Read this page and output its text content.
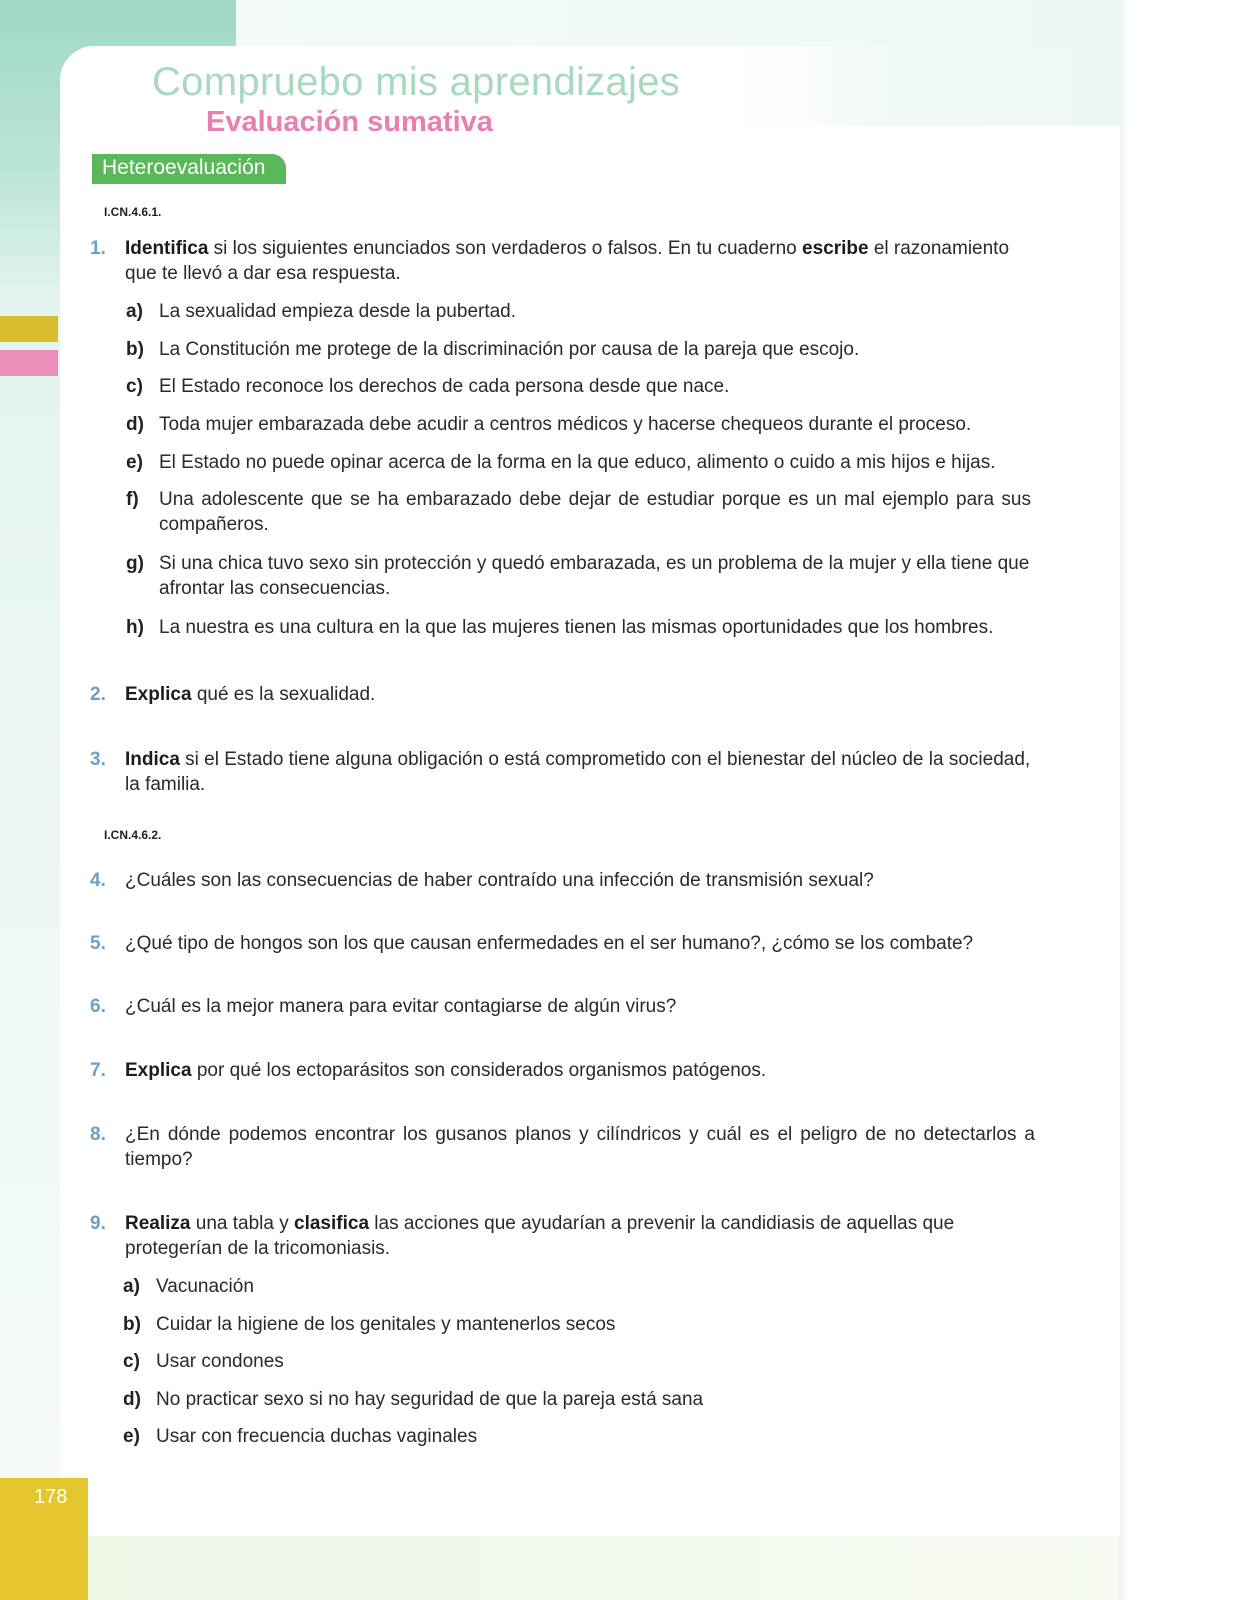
Compruebo mis aprendizajes
Evaluación sumativa
Heteroevaluación
I.CN.4.6.1.
1. Identifica si los siguientes enunciados son verdaderos o falsos. En tu cuaderno escribe el razonamiento que te llevó a dar esa respuesta.
a) La sexualidad empieza desde la pubertad.
b) La Constitución me protege de la discriminación por causa de la pareja que escojo.
c) El Estado reconoce los derechos de cada persona desde que nace.
d) Toda mujer embarazada debe acudir a centros médicos y hacerse chequeos durante el proceso.
e) El Estado no puede opinar acerca de la forma en la que educo, alimento o cuido a mis hijos e hijas.
f) Una adolescente que se ha embarazado debe dejar de estudiar porque es un mal ejemplo para sus compañeros.
g) Si una chica tuvo sexo sin protección y quedó embarazada, es un problema de la mujer y ella tiene que afrontar las consecuencias.
h) La nuestra es una cultura en la que las mujeres tienen las mismas oportunidades que los hombres.
2. Explica qué es la sexualidad.
3. Indica si el Estado tiene alguna obligación o está comprometido con el bienestar del núcleo de la sociedad, la familia.
I.CN.4.6.2.
4. ¿Cuáles son las consecuencias de haber contraído una infección de transmisión sexual?
5. ¿Qué tipo de hongos son los que causan enfermedades en el ser humano?, ¿cómo se los combate?
6. ¿Cuál es la mejor manera para evitar contagiarse de algún virus?
7. Explica por qué los ectoparásitos son considerados organismos patógenos.
8. ¿En dónde podemos encontrar los gusanos planos y cilíndricos y cuál es el peligro de no detectarlos a tiempo?
9. Realiza una tabla y clasifica las acciones que ayudarían a prevenir la candidiasis de aquellas que protegerían de la tricomoniasis.
a) Vacunación
b) Cuidar la higiene de los genitales y mantenerlos secos
c) Usar condones
d) No practicar sexo si no hay seguridad de que la pareja está sana
e) Usar con frecuencia duchas vaginales
178
